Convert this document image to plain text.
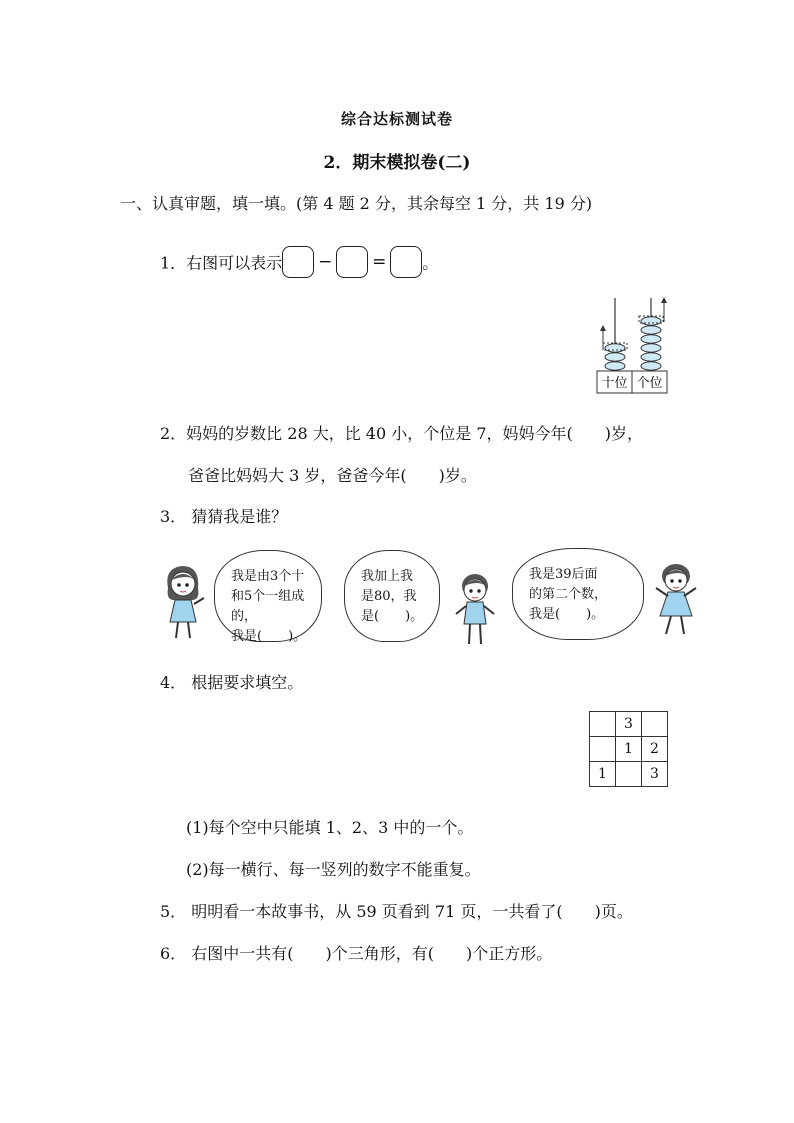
综合达标测试卷
2．期末模拟卷(二)
一、认真审题，填一填。(第 4 题 2 分，其余每空 1 分，共 19 分)
1．右图可以表示 − = 。
十位 个位
2．妈妈的岁数比 28 大，比 40 小，个位是 7，妈妈今年(　　)岁，
爸爸比妈妈大 3 岁，爸爸今年(　　)岁。
3． 猜猜我是谁？
我是由3个十
和5个一组成的，
我是(　　)。
我加上我
是80，我
是(　　)。
我是39后面
的第二个数，
我是(　　)。
4． 根据要求填空。
	3	
	1	2
1		3
(1)每个空中只能填 1、2、3 中的一个。
(2)每一横行、每一竖列的数字不能重复。
5． 明明看一本故事书，从 59 页看到 71 页，一共看了(　　)页。
6． 右图中一共有(　　)个三角形，有(　　)个正方形。
